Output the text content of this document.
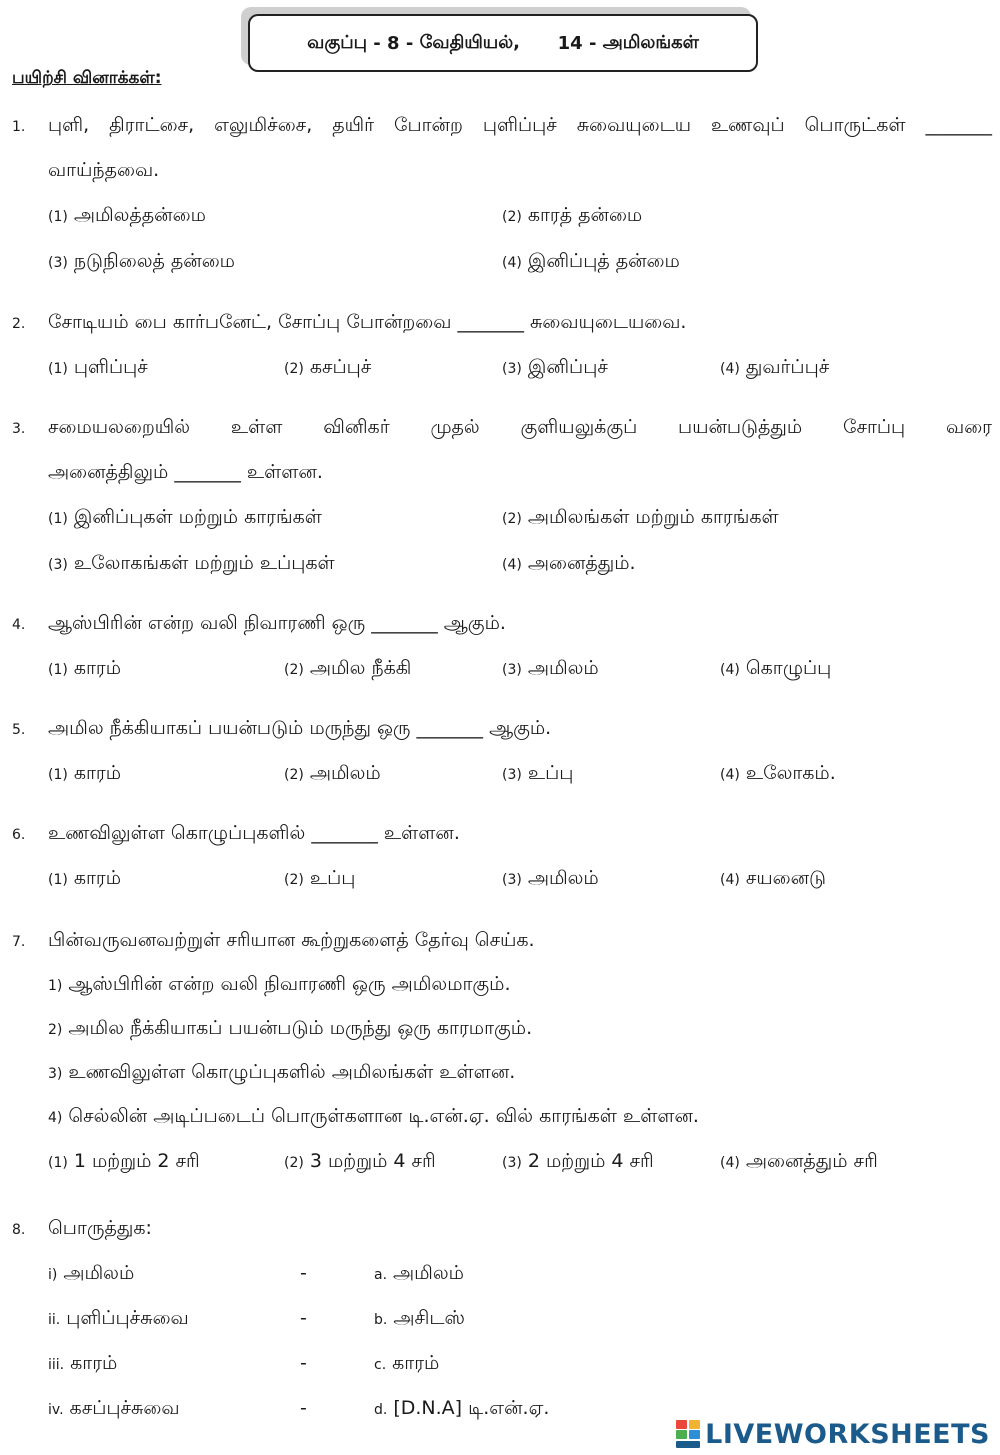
வகுப்பு - 8 - வேதியியல்,
14 - அமிலங்கள்
பயிற்சி வினாக்கள்:
1.	புளி, திராட்சை, எலுமிச்சை, தயிர் போன்ற புளிப்புச் சுவையுடைய உணவுப் பொருட்கள் _______
வாய்ந்தவை.
(1) அமிலத்தன்மை	(2) காரத் தன்மை
(3) நடுநிலைத் தன்மை	(4) இனிப்புத் தன்மை
2.	சோடியம் பை கார்பனேட், சோப்பு போன்றவை _______ சுவையுடையவை.
(1) புளிப்புச்	(2) கசப்புச்	(3) இனிப்புச்	(4) துவர்ப்புச்
3.	சமையலறையில் உள்ள வினிகர் முதல் குளியலுக்குப் பயன்படுத்தும் சோப்பு வரை
அனைத்திலும் _______ உள்ளன.
(1) இனிப்புகள் மற்றும் காரங்கள்	(2) அமிலங்கள் மற்றும் காரங்கள்
(3) உலோகங்கள் மற்றும் உப்புகள்	(4) அனைத்தும்.
4.	ஆஸ்பிரின் என்ற வலி நிவாரணி ஒரு _______ ஆகும்.
(1) காரம்	(2) அமில நீக்கி	(3) அமிலம்	(4) கொழுப்பு
5.	அமில நீக்கியாகப் பயன்படும் மருந்து ஒரு _______ ஆகும்.
(1) காரம்	(2) அமிலம்	(3) உப்பு	(4) உலோகம்.
6.	உணவிலுள்ள கொழுப்புகளில் _______ உள்ளன.
(1) காரம்	(2) உப்பு	(3) அமிலம்	(4) சயனைடு
7.	பின்வருவனவற்றுள் சரியான கூற்றுகளைத் தேர்வு செய்க.
1) ஆஸ்பிரின் என்ற வலி நிவாரணி ஒரு அமிலமாகும்.
2) அமில நீக்கியாகப் பயன்படும் மருந்து ஒரு காரமாகும்.
3) உணவிலுள்ள கொழுப்புகளில் அமிலங்கள் உள்ளன.
4) செல்லின் அடிப்படைப் பொருள்களான டி.என்.ஏ. வில் காரங்கள் உள்ளன.
(1) 1 மற்றும் 2 சரி	(2) 3 மற்றும் 4 சரி	(3) 2 மற்றும் 4 சரி	(4) அனைத்தும் சரி
8.	பொருத்துக:
i) அமிலம்	-	a. அமிலம்
ii. புளிப்புச்சுவை	-	b. அசிடஸ்
iii. காரம்	-	c. காரம்
iv. கசப்புச்சுவை	-	d. [D.N.A] டி.என்.ஏ.
LIVEWORKSHEETS
